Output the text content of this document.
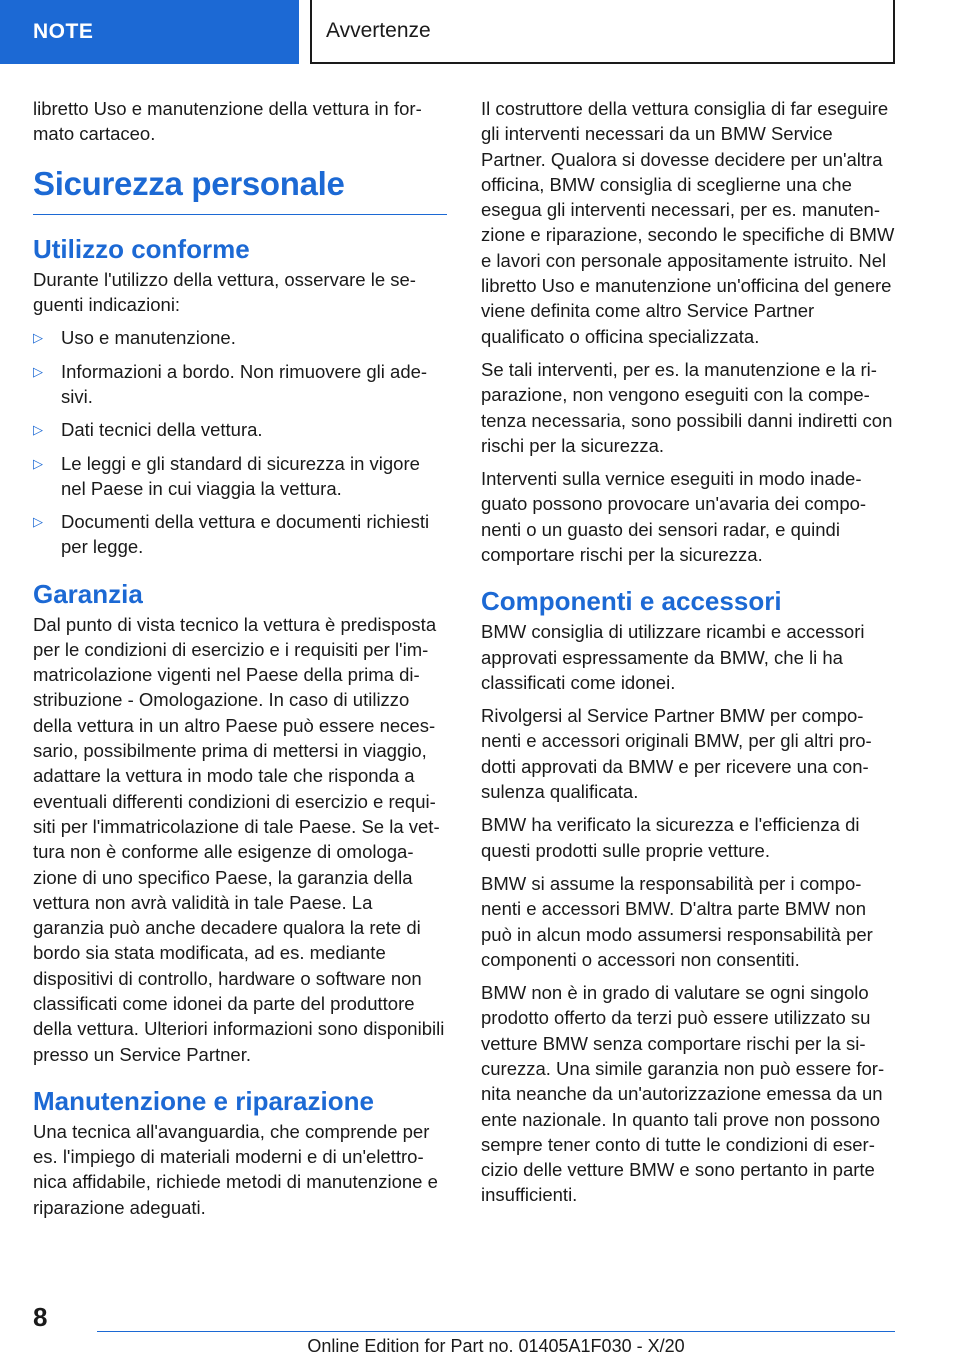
NOTE	Avvertenze

libretto Uso e manutenzione della vettura in formato cartaceo.

Sicurezza personale
Utilizzo conforme

Durante l'utilizzo della vettura, osservare le seguenti indicazioni:

▷ Uso e manutenzione.
▷ Informazioni a bordo. Non rimuovere gli adesivi.
▷ Dati tecnici della vettura.
▷ Le leggi e gli standard di sicurezza in vigore nel Paese in cui viaggia la vettura.
▷ Documenti della vettura e documenti richiesti per legge.
Garanzia

Dal punto di vista tecnico la vettura è predisposta per le condizioni di esercizio e i requisiti per l'immatricolazione vigenti nel Paese della prima distribuzione - Omologazione. In caso di utilizzo della vettura in un altro Paese può essere necessario, possibilmente prima di mettersi in viaggio, adattare la vettura in modo tale che risponda a eventuali differenti condizioni di esercizio e requisiti per l'immatricolazione di tale Paese. Se la vettura non è conforme alle esigenze di omologazione di uno specifico Paese, la garanzia della vettura non avrà validità in tale Paese. La garanzia può anche decadere qualora la rete di bordo sia stata modificata, ad es. mediante dispositivi di controllo, hardware o software non classificati come idonei da parte del produttore della vettura. Ulteriori informazioni sono disponibili presso un Service Partner.

Manutenzione e riparazione

Una tecnica all'avanguardia, che comprende per es. l'impiego di materiali moderni e di un'elettronica affidabile, richiede metodi di manutenzione e riparazione adeguati.

Il costruttore della vettura consiglia di far eseguire gli interventi necessari da un BMW Service Partner. Qualora si dovesse decidere per un'altra officina, BMW consiglia di sceglierne una che esegua gli interventi necessari, per es. manutenzione e riparazione, secondo le specifiche di BMW e lavori con personale appositamente istruito. Nel libretto Uso e manutenzione un'officina del genere viene definita come altro Service Partner qualificato o officina specializzata.

Se tali interventi, per es. la manutenzione e la riparazione, non vengono eseguiti con la competenza necessaria, sono possibili danni indiretti con rischi per la sicurezza.

Interventi sulla vernice eseguiti in modo inadeguato possono provocare un'avaria dei componenti o un guasto dei sensori radar, e quindi comportare rischi per la sicurezza.

Componenti e accessori

BMW consiglia di utilizzare ricambi e accessori approvati espressamente da BMW, che li ha classificati come idonei.

Rivolgersi al Service Partner BMW per componenti e accessori originali BMW, per gli altri prodotti approvati da BMW e per ricevere una consulenza qualificata.

BMW ha verificato la sicurezza e l'efficienza di questi prodotti sulle proprie vetture.

BMW si assume la responsabilità per i componenti e accessori BMW. D'altra parte BMW non può in alcun modo assumersi responsabilità per componenti o accessori non consentiti.

BMW non è in grado di valutare se ogni singolo prodotto offerto da terzi può essere utilizzato su vetture BMW senza comportare rischi per la sicurezza. Una simile garanzia non può essere fornita neanche da un'autorizzazione emessa da un ente nazionale. In quanto tali prove non possono sempre tener conto di tutte le condizioni di esercizio delle vetture BMW e sono pertanto in parte insufficienti.

8
Online Edition for Part no. 01405A1F030 - X/20
